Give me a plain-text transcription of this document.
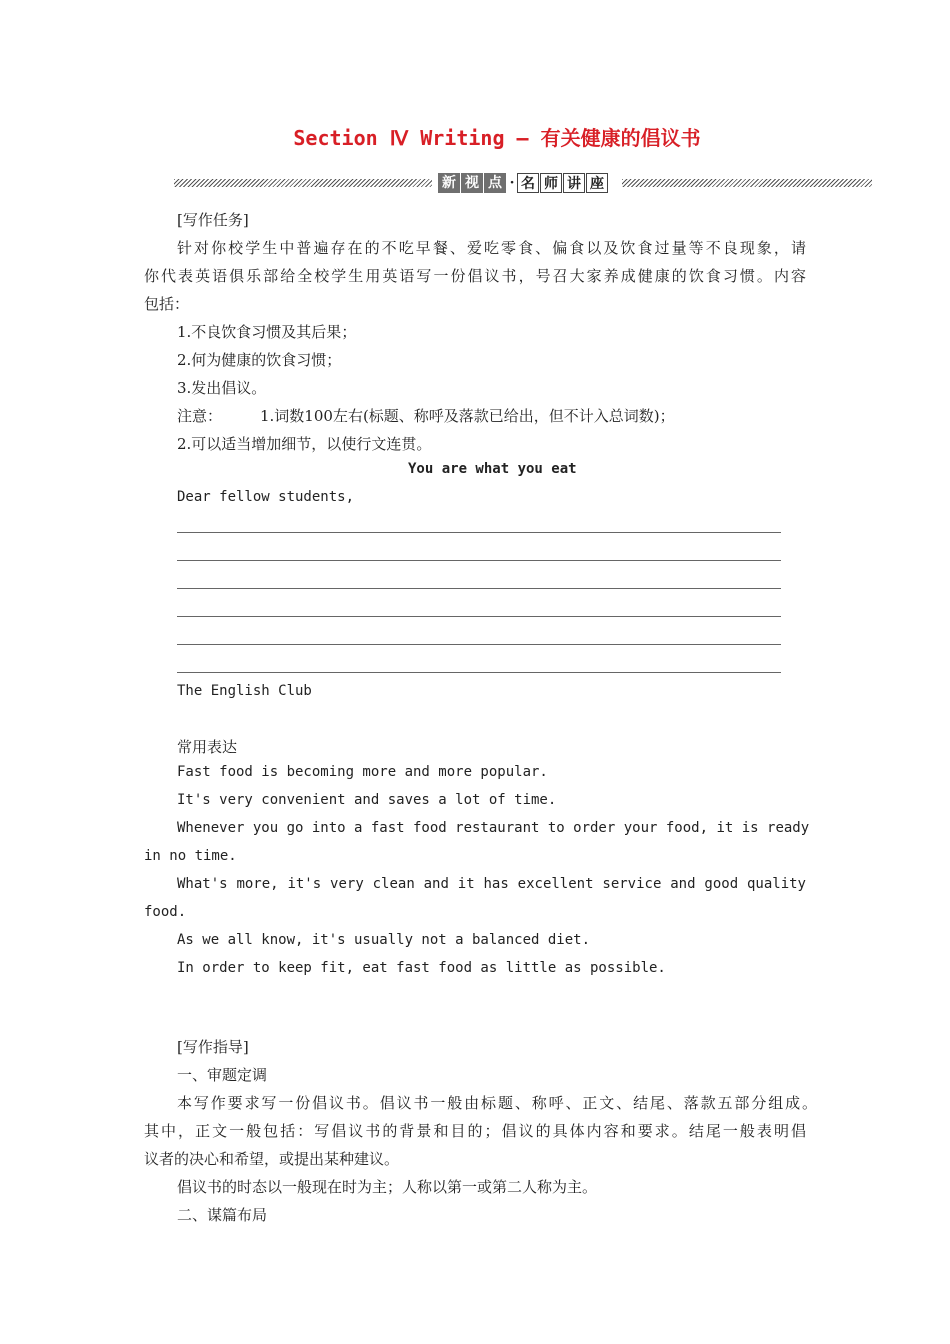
Section Ⅳ Writing — 有关健康的倡议书
新 视 点 · 名 师 讲 座
[写作任务]
针对你校学生中普遍存在的不吃早餐、爱吃零食、偏食以及饮食过量等不良现象，请
你代表英语俱乐部给全校学生用英语写一份倡议书，号召大家养成健康的饮食习惯。内容
包括：
1.不良饮食习惯及其后果；
2.何为健康的饮食习惯；
3.发出倡议。
注意：	1.词数100左右(标题、称呼及落款已给出，但不计入总词数)；
2.可以适当增加细节，以使行文连贯。
You are what you eat
Dear fellow students,
The English Club
常用表达
Fast food is becoming more and more popular.
It's very convenient and saves a lot of time.
Whenever you go into a fast food restaurant to order your food, it is ready
in no time.
What's more, it's very clean and it has excellent service and good quality
food.
As we all know, it's usually not a balanced diet.
In order to keep fit, eat fast food as little as possible.
[写作指导]
一、审题定调
本写作要求写一份倡议书。倡议书一般由标题、称呼、正文、结尾、落款五部分组成。
其中，正文一般包括：写倡议书的背景和目的；倡议的具体内容和要求。结尾一般表明倡
议者的决心和希望，或提出某种建议。
倡议书的时态以一般现在时为主；人称以第一或第二人称为主。
二、谋篇布局
